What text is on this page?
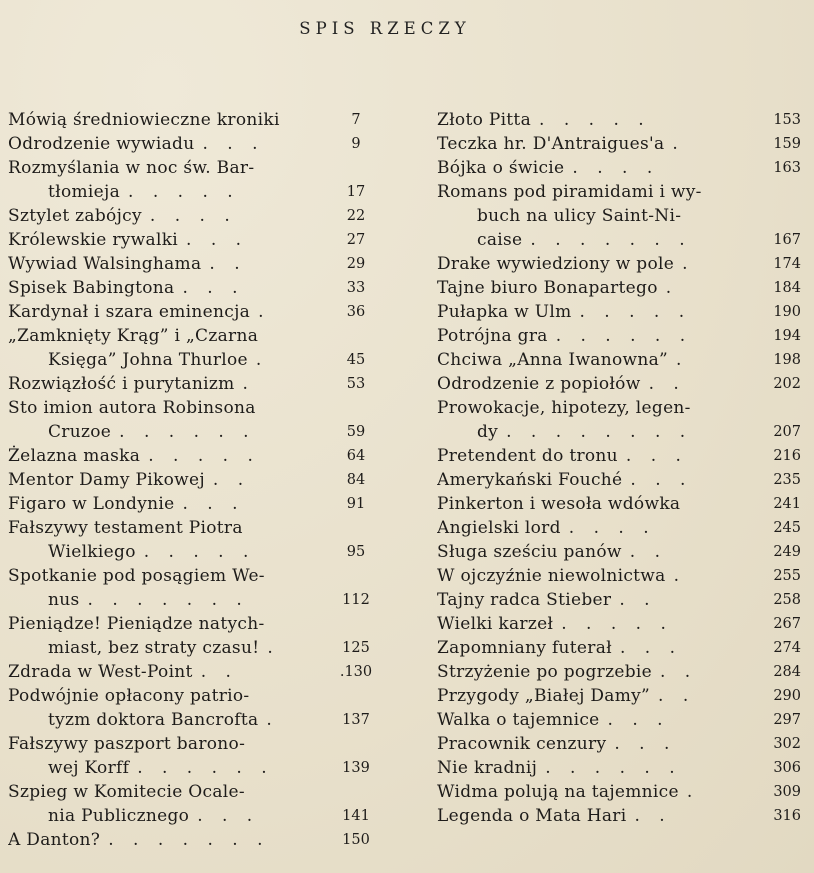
SPIS RZECZY
Mówią średniowieczne kroniki	7
Odrodzenie wywiadu . . .	9
Rozmyślania w noc św. Bar-
tłomieja . . . . .	17
Sztylet zabójcy . . . .	22
Królewskie rywalki . . .	27
Wywiad Walsinghama . .	29
Spisek Babingtona . . .	33
Kardynał i szara eminencja .	36
„Zamknięty Krąg” i „Czarna
Księga” Johna Thurloe .	45
Rozwiązłość i purytanizm .	53
Sto imion autora Robinsona
Cruzoe . . . . . .	59
Żelazna maska . . . . .	64
Mentor Damy Pikowej . .	84
Figaro w Londynie . . .	91
Fałszywy testament Piotra
Wielkiego . . . . .	95
Spotkanie pod posągiem We-
nus . . . . . . .	112
Pieniądze! Pieniądze natych-
miast, bez straty czasu! .	125
Zdrada w West-Point . .	.130
Podwójnie opłacony patrio-
tyzm doktora Bancrofta .	137
Fałszywy paszport barono-
wej Korff . . . . . .	139
Szpieg w Komitecie Ocale-
nia Publicznego . . .	141
A Danton? . . . . . . .	150
Złoto Pitta . . . . .	153
Teczka hr. D'Antraigues'a .	159
Bójka o świcie . . . .	163
Romans pod piramidami i wy-
buch na ulicy Saint-Ni-
caise . . . . . . .	167
Drake wywiedziony w pole .	174
Tajne biuro Bonapartego .	184
Pułapka w Ulm . . . . .	190
Potrójna gra . . . . . .	194
Chciwa „Anna Iwanowna” .	198
Odrodzenie z popiołów . .	202
Prowokacje, hipotezy, legen-
dy . . . . . . . .	207
Pretendent do tronu . . .	216
Amerykański Fouché . . .	235
Pinkerton i wesoła wdówka	241
Angielski lord . . . .	245
Sługa sześciu panów . .	249
W ojczyźnie niewolnictwa .	255
Tajny radca Stieber . .	258
Wielki karzeł . . . . .	267
Zapomniany futerał . . .	274
Strzyżenie po pogrzebie . .	284
Przygody „Białej Damy” . .	290
Walka o tajemnice . . .	297
Pracownik cenzury . . .	302
Nie kradnij . . . . . .	306
Widma polują na tajemnice .	309
Legenda o Mata Hari . .	316
